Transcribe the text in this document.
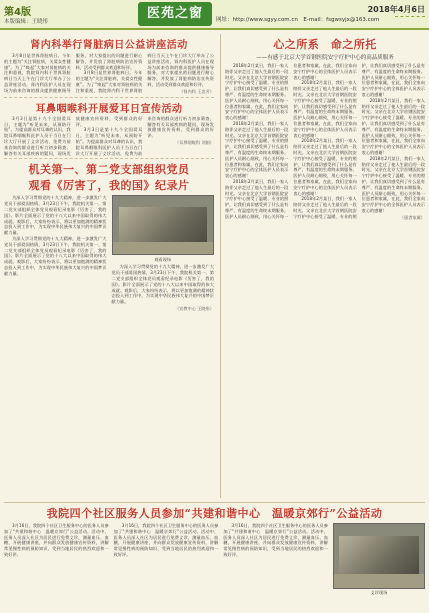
第4版
本版编辑：王晓彤
医苑之窗	网址：http://www.sgyy.com.cn　E-mail：fsgwsyjx@163.com
2018年4月6日
肾内科举行肾脏病日公益讲座活动

3月8日是世界肾脏病日。今年的主题为“关注肾脏病，关爱女性健康”。为了“唤起”大家对肾脏病的关注和重视，我院肾内科于世界肾脏病日当天上午在门诊大厅举办了公益讲座活动，肾内科医护人员在现场为前来咨询的群众提供健康指导服务，对大家提出的问题进行耐心解答，并发放了肾脏病防治宣传资料，活动受到群众欢迎和好评。

3月8日是世界肾脏病日。今年的主题为“关注肾脏病，关爱女性健康”。为了“唤起”大家对肾脏病的关注和重视，我院肾内科于世界肾脏病日当天上午在门诊大厅举办了公益讲座活动，肾内科医护人员在现场为前来咨询的群众提供健康指导服务，对大家提出的问题进行耐心解答，并发放了肾脏病防治宣传资料，活动受到群众欢迎和好评。

（肾内科 王忠芳）

耳鼻咽喉科开展爱耳日宣传活动

3月3日是第十九个全国爱耳日，主题为“听见未来，从预防开始”。为提高群众对耳聋的认识，我院耳鼻咽喉科医护人员于当日在门诊大厅开展了义诊活动，免费为前来咨询的群众进行听力初步筛查，解答有关耳部疾病的疑问，现场发放健康宣传资料，受到群众的好评。

3月3日是第十九个全国爱耳日，主题为“听见未来，从预防开始”。为提高群众对耳聋的认识，我院耳鼻咽喉科医护人员于当日在门诊大厅开展了义诊活动，免费为前来咨询的群众进行听力初步筛查，解答有关耳部疾病的疑问，现场发放健康宣传资料，受到群众的好评。

（耳鼻咽喉科 刘娟）

机关第一、第二党支部组织党员
观看《厉害了，我的国》纪录片

为深入学习贯彻党的十九大精神，进一步激发广大党员干部爱国热情，3月23日下午，我院机关第一、第二党支部组织全体党员观看纪录电影《厉害了，我的国》。影片全面展示了党的十八大以来中国取得的伟大成就。观影后，大家纷纷表示，将以更加饱满的精神状态投入到工作中，为实现中华民族伟大复兴的中国梦贡献力量。

为深入学习贯彻党的十九大精神，进一步激发广大党员干部爱国热情，3月23日下午，我院机关第一、第二党支部组织全体党员观看纪录电影《厉害了，我的国》。影片全面展示了党的十八大以来中国取得的伟大成就。观影后，大家纷纷表示，将以更加饱满的精神状态投入到工作中，为实现中华民族伟大复兴的中国梦贡献力量。

观看现场

为深入学习贯彻党的十九大精神，进一步激发广大党员干部爱国热情，3月23日下午，我院机关第一、第二党支部组织全体党员观看纪录电影《厉害了，我的国》。影片全面展示了党的十八大以来中国取得的伟大成就。观影后，大家纷纷表示，将以更加饱满的精神状态投入到工作中，为实现中华民族伟大复兴的中国梦贡献力量。

（宣教中心 王晓彤）

心之所系　命之所托
——有感于北京大学首钢医院安宁疗护中心的高品质服务

2018年2月某日，我们一家人陪伴父亲走过了他人生最后的一段时光。父亲在北京大学首钢医院安宁疗护中心接受了温暖、专业的照护，让我们真切感受到了什么是有尊严、有温度的生命终末期服务。医护人员耐心细致，用心关怀每一位患者和家属，在此，我们全家向安宁疗护中心的全体医护人员表示衷心的感谢！

2018年2月某日，我们一家人陪伴父亲走过了他人生最后的一段时光。父亲在北京大学首钢医院安宁疗护中心接受了温暖、专业的照护，让我们真切感受到了什么是有尊严、有温度的生命终末期服务。医护人员耐心细致，用心关怀每一位患者和家属，在此，我们全家向安宁疗护中心的全体医护人员表示衷心的感谢！

2018年2月某日，我们一家人陪伴父亲走过了他人生最后的一段时光。父亲在北京大学首钢医院安宁疗护中心接受了温暖、专业的照护，让我们真切感受到了什么是有尊严、有温度的生命终末期服务。医护人员耐心细致，用心关怀每一位患者和家属，在此，我们全家向安宁疗护中心的全体医护人员表示衷心的感谢！

2018年2月某日，我们一家人陪伴父亲走过了他人生最后的一段时光。父亲在北京大学首钢医院安宁疗护中心接受了温暖、专业的照护，让我们真切感受到了什么是有尊严、有温度的生命终末期服务。医护人员耐心细致，用心关怀每一位患者和家属，在此，我们全家向安宁疗护中心的全体医护人员表示衷心的感谢！

2018年2月某日，我们一家人陪伴父亲走过了他人生最后的一段时光。父亲在北京大学首钢医院安宁疗护中心接受了温暖、专业的照护，让我们真切感受到了什么是有尊严、有温度的生命终末期服务。医护人员耐心细致，用心关怀每一位患者和家属，在此，我们全家向安宁疗护中心的全体医护人员表示衷心的感谢！

2018年2月某日，我们一家人陪伴父亲走过了他人生最后的一段时光。父亲在北京大学首钢医院安宁疗护中心接受了温暖、专业的照护，让我们真切感受到了什么是有尊严、有温度的生命终末期服务。医护人员耐心细致，用心关怀每一位患者和家属，在此，我们全家向安宁疗护中心的全体医护人员表示衷心的感谢！

2018年2月某日，我们一家人陪伴父亲走过了他人生最后的一段时光。父亲在北京大学首钢医院安宁疗护中心接受了温暖、专业的照护，让我们真切感受到了什么是有尊严、有温度的生命终末期服务。医护人员耐心细致，用心关怀每一位患者和家属，在此，我们全家向安宁疗护中心的全体医护人员表示衷心的感谢！

2018年2月某日，我们一家人陪伴父亲走过了他人生最后的一段时光。父亲在北京大学首钢医院安宁疗护中心接受了温暖、专业的照护，让我们真切感受到了什么是有尊严、有温度的生命终末期服务。医护人员耐心细致，用心关怀每一位患者和家属，在此，我们全家向安宁疗护中心的全体医护人员表示衷心的感谢！

（患者家属）

我院四个社区服务人员参加“共建和谐中心　温暖京郊行”公益活动

3月16日，我院四个社区卫生服务中心的医务人员参加了“共建和谐中心　温暖京郊行”公益活动。活动中，医务人员深入社区为居民进行免费义诊，测量血压、血糖，开展健康讲座，并向群众发放健康宣传资料，讲解常见慢性病的预防知识，受到当地居民的热烈欢迎和一致好评。

3月16日，我院四个社区卫生服务中心的医务人员参加了“共建和谐中心　温暖京郊行”公益活动。活动中，医务人员深入社区为居民进行免费义诊，测量血压、血糖，开展健康讲座，并向群众发放健康宣传资料，讲解常见慢性病的预防知识，受到当地居民的热烈欢迎和一致好评。

3月16日，我院四个社区卫生服务中心的医务人员参加了“共建和谐中心　温暖京郊行”公益活动。活动中，医务人员深入社区为居民进行免费义诊，测量血压、血糖，开展健康讲座，并向群众发放健康宣传资料，讲解常见慢性病的预防知识，受到当地居民的热烈欢迎和一致好评。

义诊现场
